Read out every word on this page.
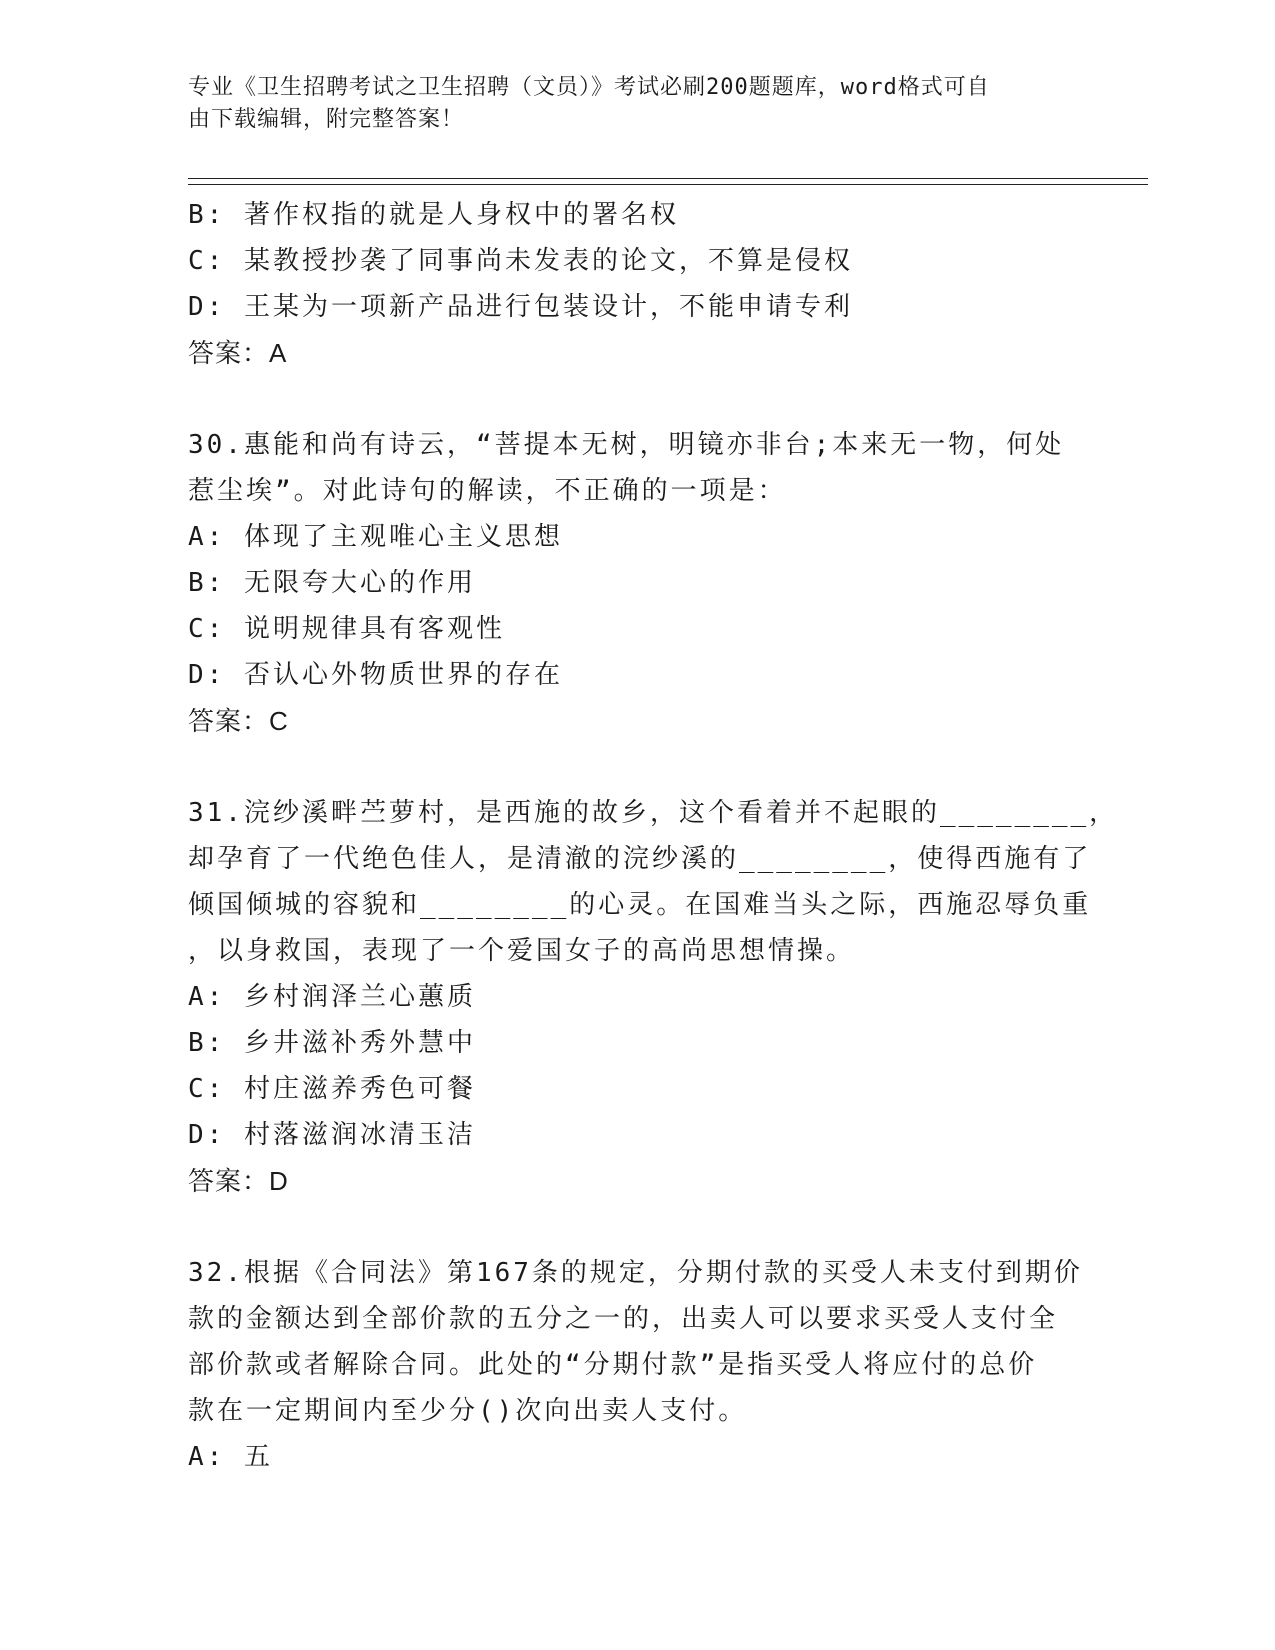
专业《卫生招聘考试之卫生招聘（文员）》考试必刷200题题库，word格式可自
由下载编辑，附完整答案！
B: 著作权指的就是人身权中的署名权
C: 某教授抄袭了同事尚未发表的论文，不算是侵权
D: 王某为一项新产品进行包装设计，不能申请专利
答案：A
30.惠能和尚有诗云，“菩提本无树，明镜亦非台;本来无一物，何处
惹尘埃”。对此诗句的解读，不正确的一项是：
A: 体现了主观唯心主义思想
B: 无限夸大心的作用
C: 说明规律具有客观性
D: 否认心外物质世界的存在
答案：C
31.浣纱溪畔苎萝村，是西施的故乡，这个看着并不起眼的________，
却孕育了一代绝色佳人，是清澈的浣纱溪的________，使得西施有了
倾国倾城的容貌和________的心灵。在国难当头之际，西施忍辱负重
，以身救国，表现了一个爱国女子的高尚思想情操。
A: 乡村润泽兰心蕙质
B: 乡井滋补秀外慧中
C: 村庄滋养秀色可餐
D: 村落滋润冰清玉洁
答案：D
32.根据《合同法》第167条的规定，分期付款的买受人未支付到期价
款的金额达到全部价款的五分之一的，出卖人可以要求买受人支付全
部价款或者解除合同。此处的“分期付款”是指买受人将应付的总价
款在一定期间内至少分()次向出卖人支付。
A: 五
